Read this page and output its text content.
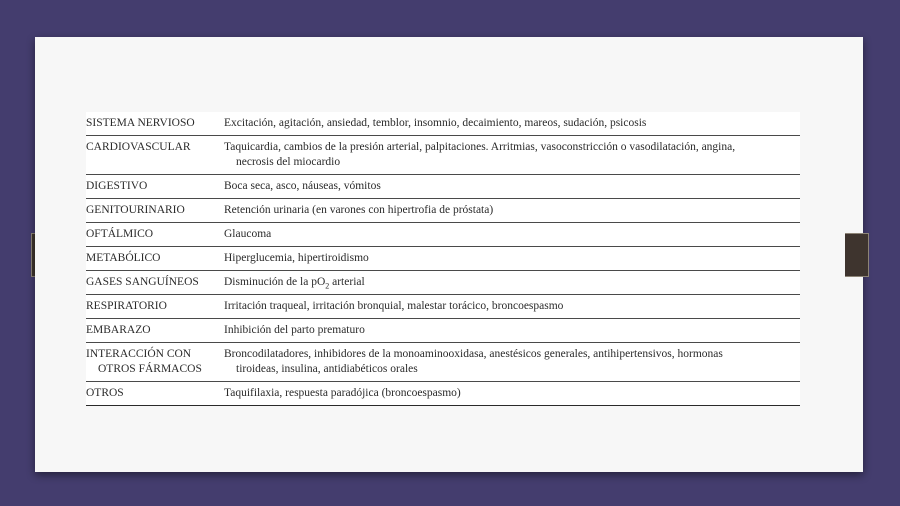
SISTEMA NERVIOSO	Excitación, agitación, ansiedad, temblor, insomnio, decaimiento, mareos, sudación, psicosis
CARDIOVASCULAR	Taquicardia, cambios de la presión arterial, palpitaciones. Arritmias, vasoconstricción o vasodilatación, angina,
necrosis del miocardio

DIGESTIVO	Boca seca, asco, náuseas, vómitos
GENITOURINARIO	Retención urinaria (en varones con hipertrofia de próstata)
OFTÁLMICO	Glaucoma
METABÓLICO	Hiperglucemia, hipertiroidismo
GASES SANGUÍNEOS	Disminución de la $pO_2$ arterial
RESPIRATORIO	Irritación traqueal, irritación bronquial, malestar torácico, broncoespasmo
EMBARAZO	Inhibición del parto prematuro
INTERACCIÓN CON
OTROS FÁRMACOS	Broncodilatadores, inhibidores de la monoaminooxidasa, anestésicos generales, antihipertensivos, hormonas
tiroideas, insulina, antidiabéticos orales

OTROS	Taquifilaxia, respuesta paradójica (broncoespasmo)
